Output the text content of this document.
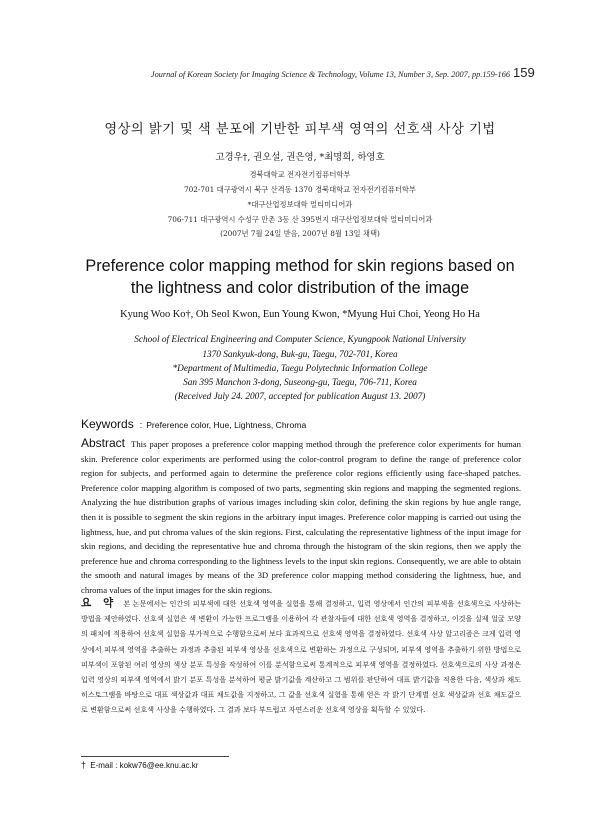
Journal of Korean Society for Imaging Science & Technology, Volume 13, Number 3, Sep. 2007, pp.159-166 159
영상의 밝기 및 색 분포에 기반한 피부색 영역의 선호색 사상 기법
고경우†, 권오설, 권은영, *최명희, 하영호
경북대학교 전자전기컴퓨터학부
702-701 대구광역시 북구 산격동 1370 경북대학교 전자전기컴퓨터학부
*대구산업정보대학 멀티미디어과
706-711 대구광역시 수성구 만촌 3동 산 395번지 대구산업정보대학 멀티미디어과
(2007년 7월 24일 받음, 2007년 8월 13일 채택)
Preference color mapping method for skin regions based on
the lightness and color distribution of the image
Kyung Woo Ko†, Oh Seol Kwon, Eun Young Kwon, *Myung Hui Choi, Yeong Ho Ha
School of Electrical Engineering and Computer Science, Kyungpook National University
1370 Sankyuk-dong, Buk-gu, Taegu, 702-701, Korea
*Department of Multimedia, Taegu Polytechnic Information College
San 395 Manchon 3-dong, Suseong-gu, Taegu, 706-711, Korea
(Received July 24. 2007, accepted for publication August 13. 2007)
Keywords : Preference color, Hue, Lightness, Chroma
Abstract This paper proposes a preference color mapping method through the preference color experiments for human skin. Preference color experiments are performed using the color-control program to define the range of preference color region for subjects, and performed again to determine the preference color regions efficiently using face-shaped patches. Preference color mapping algorithm is composed of two parts, segmenting skin regions and mapping the segmented regions. Analyzing the hue distribution graphs of various images including skin color, defining the skin regions by hue angle range, then it is possible to segment the skin regions in the arbitrary input images. Preference color mapping is carried out using the lightness, hue, and put chroma values of the skin regions. First, calculating the representative lightness of the input image for skin regions, and deciding the representative hue and chroma through the histogram of the skin regions, then we apply the preference hue and chroma corresponding to the lightness levels to the input skin regions. Consequently, we are able to obtain the smooth and natural images by means of the 3D preference color mapping method considering the lightness, hue, and chroma values of the input images for the skin regions.
요 약 본 논문에서는 인간의 피부색에 대한 선호색 영역을 실험을 통해 결정하고, 입력 영상에서 인간의 피부색을 선호색으로 사상하는 방법을 제안하였다. 선호색 실험은 색 변환이 가능한 프로그램을 이용하여 각 관찰자들에 대한 선호색 영역을 결정하고, 이것을 실제 얼굴 모양의 패치에 적용하여 선호색 실험을 부가적으로 수행함으로써 보다 효과적으로 선호색 영역을 결정하였다. 선호색 사상 알고리즘은 크게 입력 영상에서 피부색 영역을 추출하는 과정과 추출된 피부색 영상을 선호색으로 변환하는 과정으로 구성되며, 피부색 영역을 추출하기 위한 방법으로 피부색이 포함된 여러 영상의 색상 분포 특성을 작성하여 이를 분석함으로써 통계적으로 피부색 영역을 결정하였다. 선호색으로의 사상 과정은 입력 영상의 피부색 영역에서 밝기 분포 특성을 분석하여 평균 밝기값을 계산하고 그 범위를 판단하여 대표 밝기값을 적용한 다음, 색상과 채도 히스토그램을 바탕으로 대표 색상값과 대표 채도값을 지정하고, 그 값을 선호색 실험을 통해 얻은 각 밝기 단계별 선호 색상값과 선호 채도값으로 변환함으로써 선호색 사상을 수행하였다. 그 결과 보다 부드럽고 자연스러운 선호색 영상을 획득할 수 있었다.
† E-mail : kokw76@ee.knu.ac.kr
